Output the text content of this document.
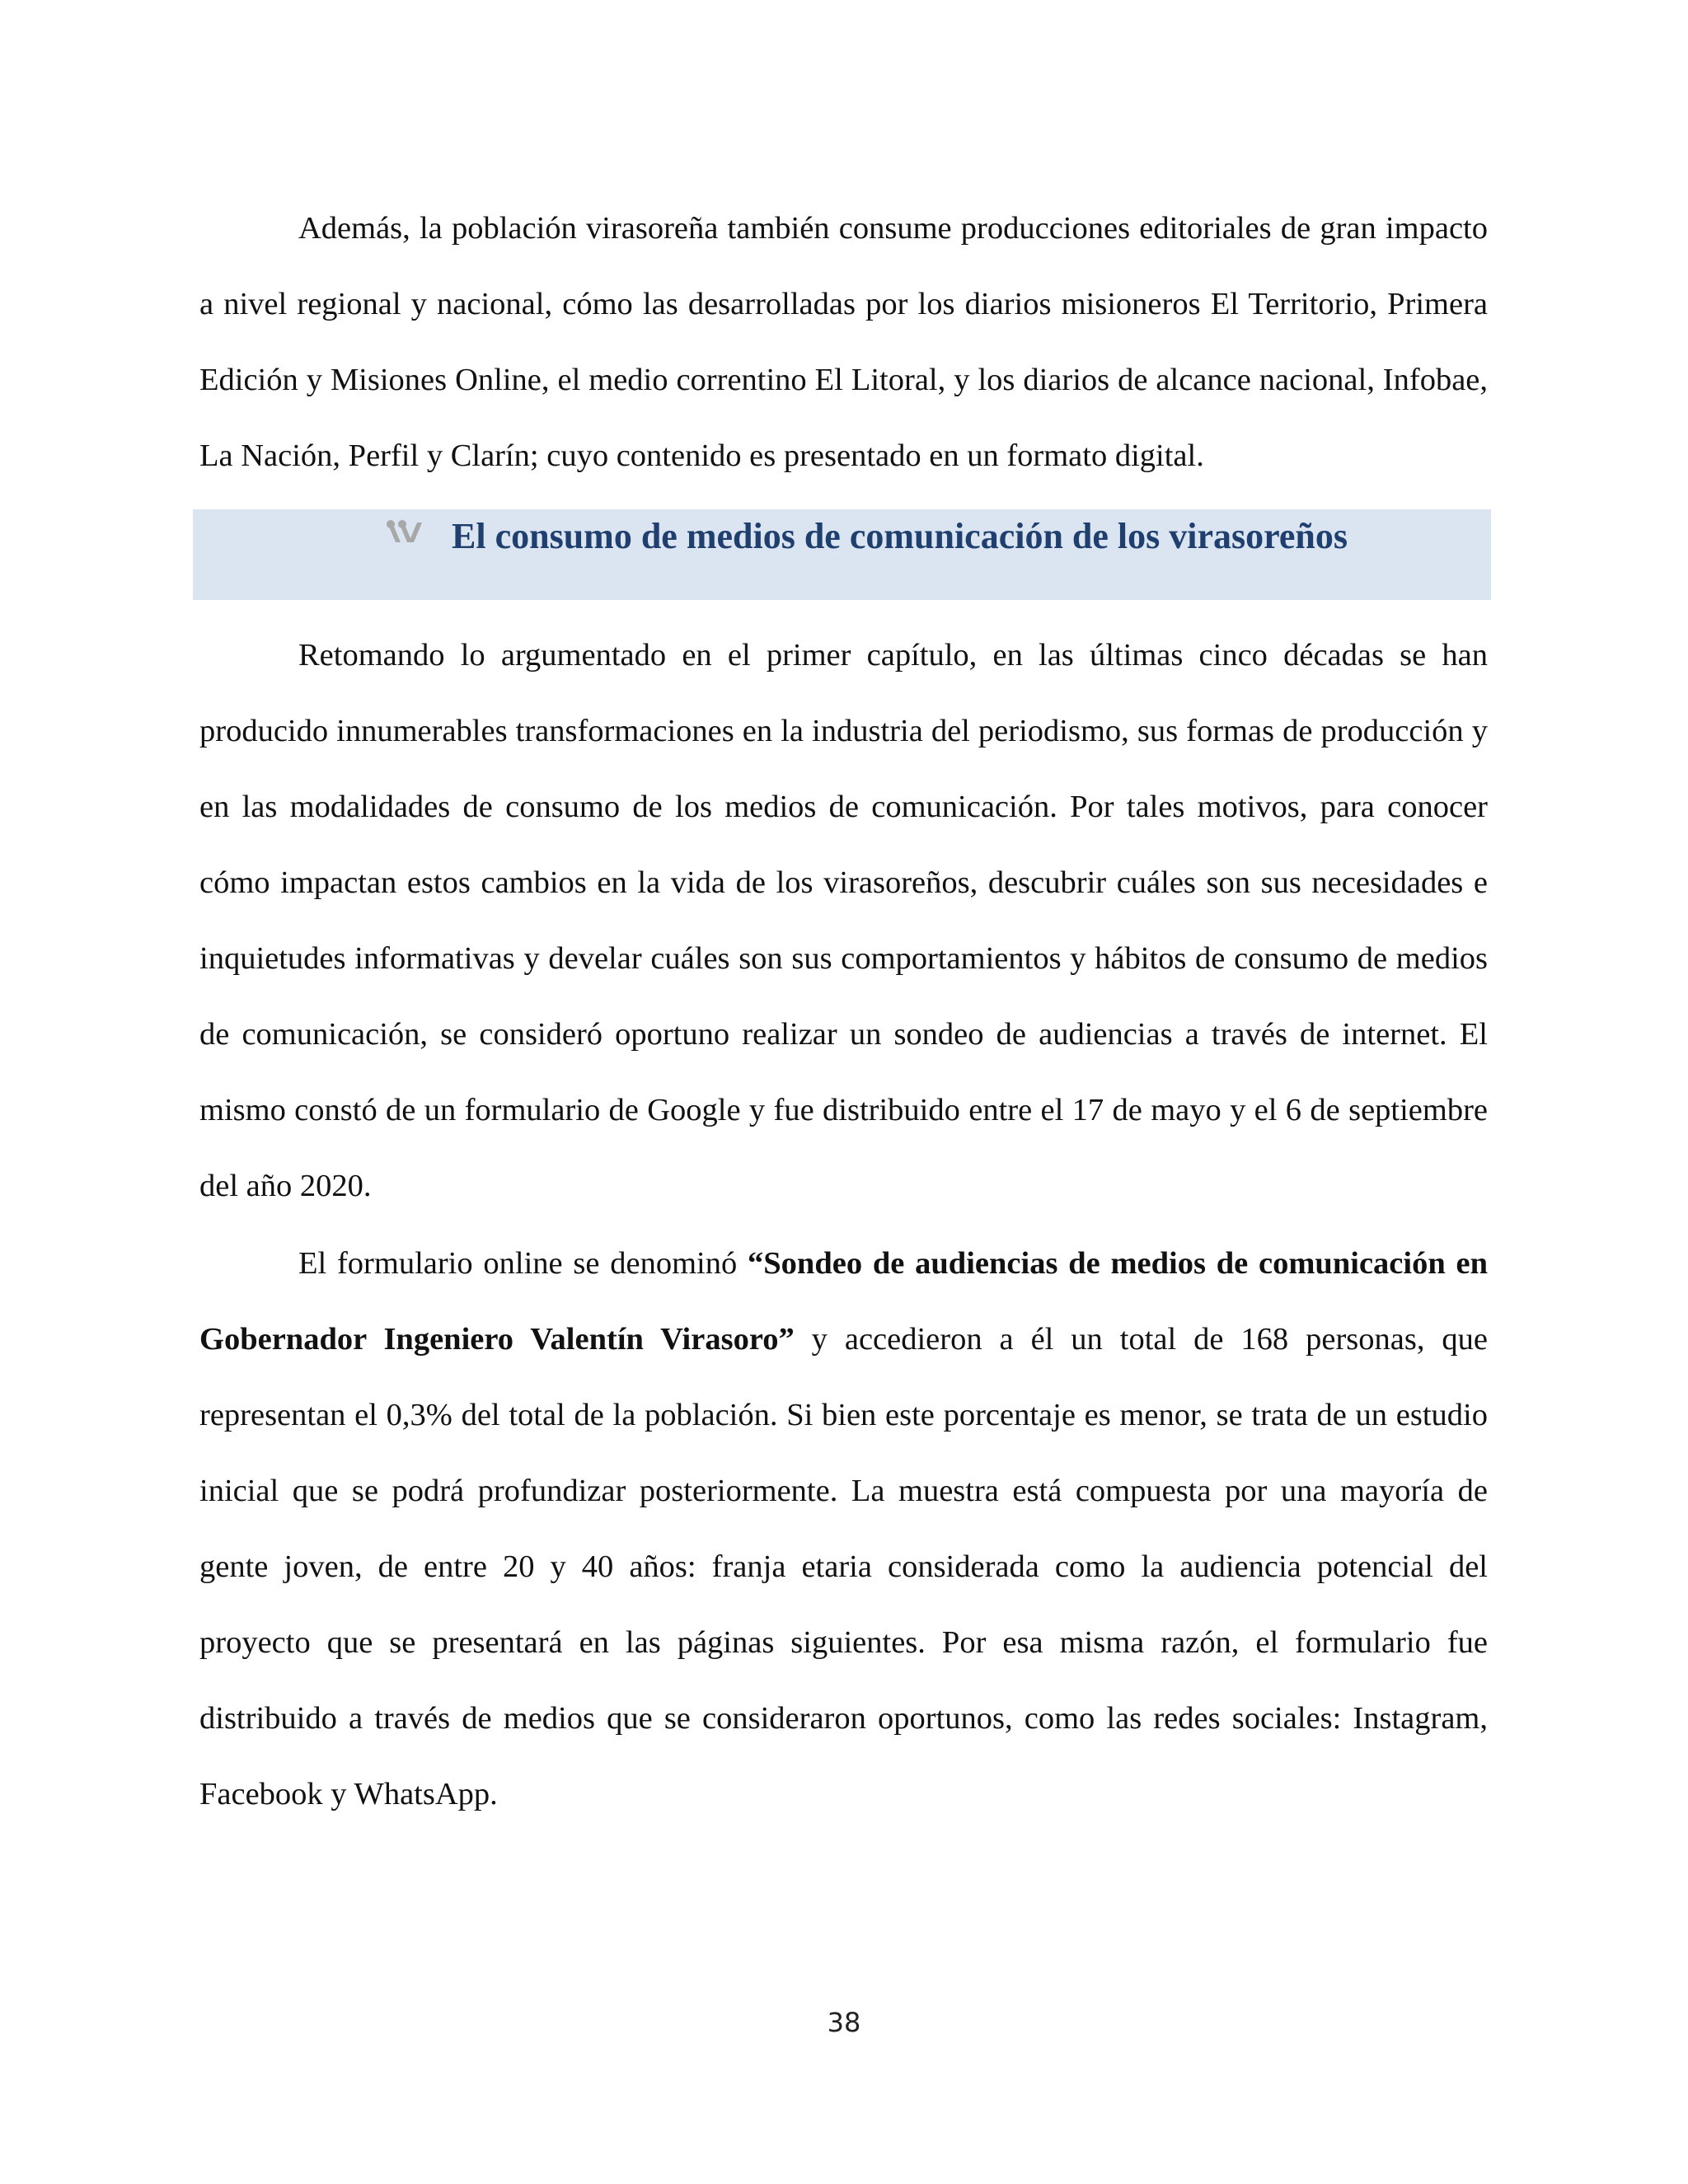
Además, la población virasoreña también consume producciones editoriales de gran impacto a nivel regional y nacional, cómo las desarrolladas por los diarios misioneros El Territorio, Primera Edición y Misiones Online, el medio correntino El Litoral, y los diarios de alcance nacional, Infobae, La Nación, Perfil y Clarín; cuyo contenido es presentado en un formato digital.

El consumo de medios de comunicación de los virasoreños

Retomando lo argumentado en el primer capítulo, en las últimas cinco décadas se han producido innumerables transformaciones en la industria del periodismo, sus formas de producción y en las modalidades de consumo de los medios de comunicación. Por tales motivos, para conocer cómo impactan estos cambios en la vida de los virasoreños, descubrir cuáles son sus necesidades e inquietudes informativas y develar cuáles son sus comportamientos y hábitos de consumo de medios de comunicación, se consideró oportuno realizar un sondeo de audiencias a través de internet. El mismo constó de un formulario de Google y fue distribuido entre el 17 de mayo y el 6 de septiembre del año 2020.

El formulario online se denominó “Sondeo de audiencias de medios de comunicación en Gobernador Ingeniero Valentín Virasoro” y accedieron a él un total de 168 personas, que representan el 0,3% del total de la población. Si bien este porcentaje es menor, se trata de un estudio inicial que se podrá profundizar posteriormente. La muestra está compuesta por una mayoría de gente joven, de entre 20 y 40 años: franja etaria considerada como la audiencia potencial del proyecto que se presentará en las páginas siguientes. Por esa misma razón, el formulario fue distribuido a través de medios que se consideraron oportunos, como las redes sociales: Instagram, Facebook y WhatsApp.

38
